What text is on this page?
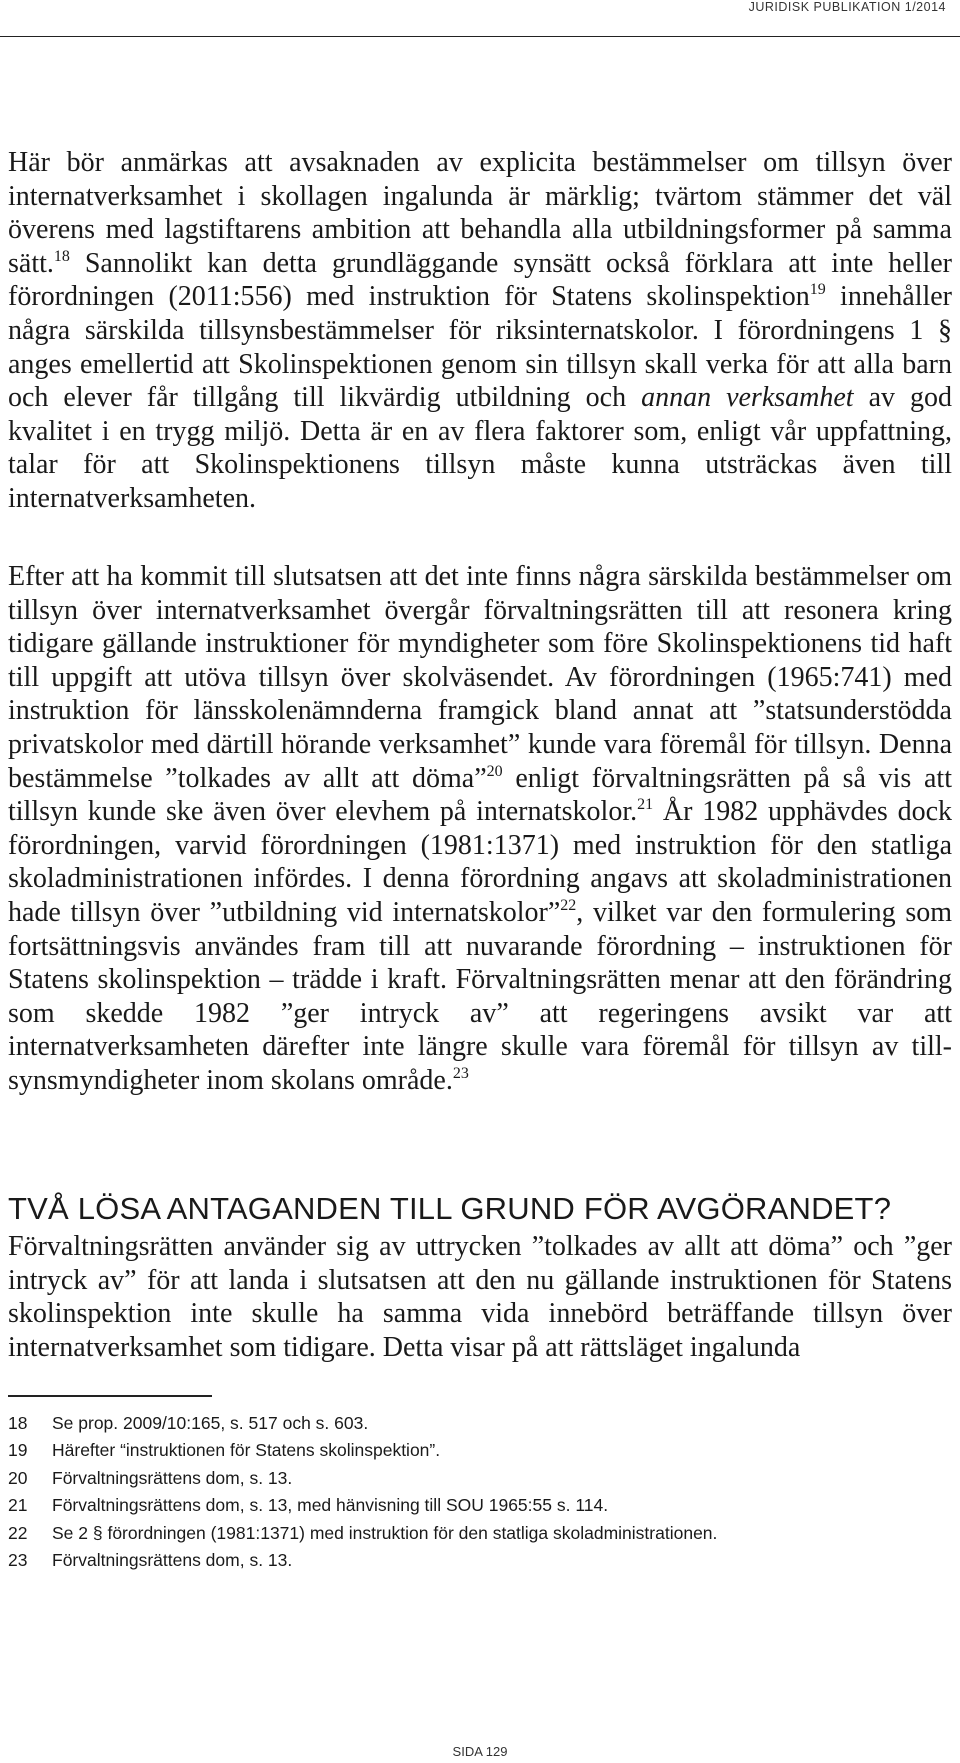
JURIDISK PUBLIKATION 1/2014

Här bör anmärkas att avsaknaden av explicita bestämmelser om tillsyn över internatverksamhet i skollagen ingalunda är märklig; tvärtom stämmer det väl överens med lagstiftarens ambition att behandla alla utbildningsformer på samma sätt.$^{18}$ Sannolikt kan detta grundläggande synsätt också förklara att inte heller förordningen (2011:556) med instruktion för Statens skolinspektion$^{19}$ innehåller några särskilda tillsynsbestämmelser för riksinternatskolor. I förordningens 1 § anges emellertid att Skolinspektionen genom sin tillsyn skall verka för att alla barn och elever får tillgång till likvärdig utbildning och annan verksamhet av god kvalitet i en trygg miljö. Detta är en av flera faktorer som, enligt vår uppfattning, talar för att Skolinspektionens tillsyn måste kunna utsträckas även till internatverksamheten.

Efter att ha kommit till slutsatsen att det inte finns några särskilda bestämmelser om tillsyn över internatverksamhet övergår förvaltningsrätten till att resonera kring tidigare gällande instruktioner för myndigheter som före Skolinspektionens tid haft till uppgift att utöva tillsyn över skolväsendet. Av förordningen (1965:741) med instruktion för länsskolenämnderna framgick bland annat att ”statsunderstödda privatskolor med därtill hörande verksamhet” kunde vara föremål för tillsyn. Denna bestämmelse ”tolkades av allt att döma”$^{20}$ enligt förvaltningsrätten på så vis att tillsyn kunde ske även över elevhem på internatskolor.$^{21}$ År 1982 upphävdes dock förordningen, varvid förordningen (1981:1371) med instruktion för den statliga skoladministrationen infördes. I denna förordning angavs att skoladministrationen hade tillsyn över ”utbildning vid internatskolor”$^{22}$, vilket var den formulering som fortsättningsvis användes fram till att nuvarande förordning – instruktionen för Statens skolinspektion – trädde i kraft. Förvaltningsrätten menar att den förändring som skedde 1982 ”ger intryck av” att regeringens avsikt var att internatverksamheten därefter inte längre skulle vara föremål för tillsyn av tillsynsmyndigheter inom skolans område.$^{23}$

TVÅ LÖSA ANTAGANDEN TILL GRUND FÖR AVGÖRANDET?

Förvaltningsrätten använder sig av uttrycken ”tolkades av allt att döma” och ”ger intryck av” för att landa i slutsatsen att den nu gällande instruktionen för Statens skolinspektion inte skulle ha samma vida innebörd beträffande tillsyn över internatverksamhet som tidigare. Detta visar på att rättsläget ingalunda

18 Se prop. 2009/10:165, s. 517 och s. 603.
19 Härefter “instruktionen för Statens skolinspektion”.
20 Förvaltningsrättens dom, s. 13.
21 Förvaltningsrättens dom, s. 13, med hänvisning till SOU 1965:55 s. 114.
22 Se 2 § förordningen (1981:1371) med instruktion för den statliga skoladministrationen.
23 Förvaltningsrättens dom, s. 13.
SIDA 129
